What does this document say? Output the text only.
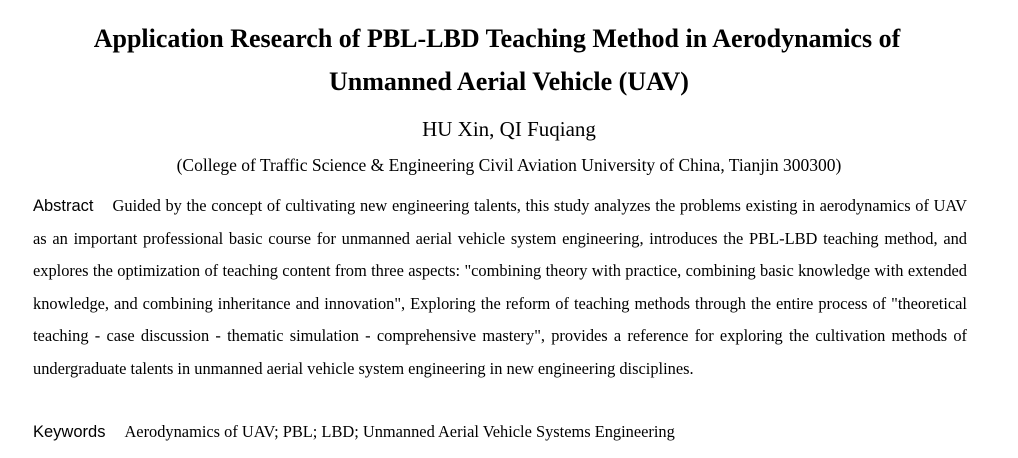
Application Research of PBL-LBD Teaching Method in Aerodynamics of
Unmanned Aerial Vehicle (UAV)
HU Xin, QI Fuqiang
(College of Traffic Science & Engineering Civil Aviation University of China, Tianjin 300300)
Abstract Guided by the concept of cultivating new engineering talents, this study analyzes the problems existing in aerodynamics of UAV as an important professional basic course for unmanned aerial vehicle system engineering, introduces the PBL-LBD teaching method, and explores the optimization of teaching content from three aspects: "combining theory with practice, combining basic knowledge with extended knowledge, and combining inheritance and innovation", Exploring the reform of teaching methods through the entire process of "theoretical teaching - case discussion - thematic simulation - comprehensive mastery", provides a reference for exploring the cultivation methods of undergraduate talents in unmanned aerial vehicle system engineering in new engineering disciplines.
Keywords Aerodynamics of UAV; PBL; LBD; Unmanned Aerial Vehicle Systems Engineering
